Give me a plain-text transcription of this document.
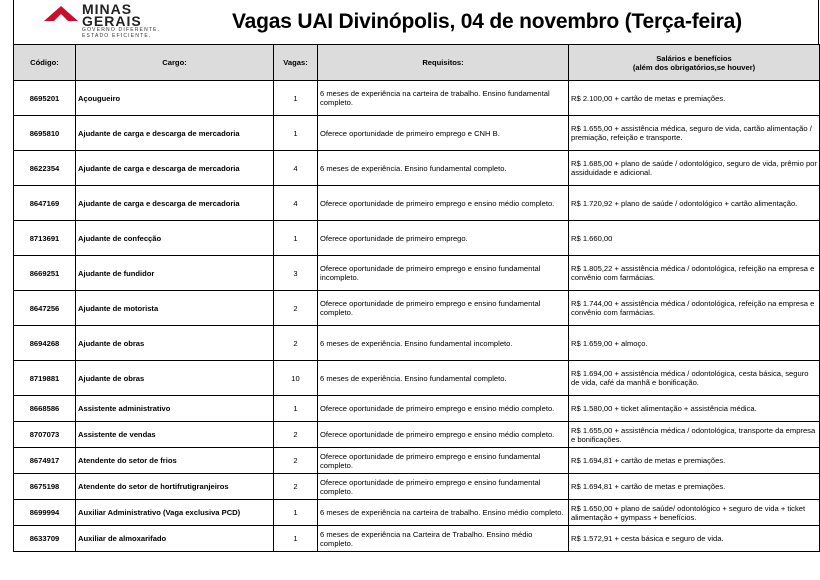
MINAS GERAIS
GOVERNO DIFERENTE.
ESTADO EFICIENTE.
Vagas UAI Divinópolis, 04 de novembro (Terça-feira)
Código:	Cargo:	Vagas:	Requisitos:	Salários e benefícios
(além dos obrigatórios,se houver)

8695201	Açougueiro	1	6 meses de experiência na carteira de trabalho. Ensino fundamental completo.	R$ 2.100,00 + cartão de metas e premiações.
8695810	Ajudante de carga e descarga de mercadoria	1	Oferece oportunidade de primeiro emprego e CNH B.	R$ 1.655,00 + assistência médica, seguro de vida, cartão alimentação / premiação, refeição e transporte.
8622354	Ajudante de carga e descarga de mercadoria	4	6 meses de experiência. Ensino fundamental completo.	R$ 1.685,00 + plano de saúde / odontológico, seguro de vida, prêmio por assiduidade e adicional.
8647169	Ajudante de carga e descarga de mercadoria	4	Oferece oportunidade de primeiro emprego e ensino médio completo.	R$ 1.720,92 + plano de saúde / odontológico + cartão alimentação.
8713691	Ajudante de confecção	1	Oferece oportunidade de primeiro emprego.	R$ 1.660,00
8669251	Ajudante de fundidor	3	Oferece oportunidade de primeiro emprego e ensino fundamental incompleto.	R$ 1.805,22 + assistência médica / odontológica, refeição na empresa e convênio com farmácias.
8647256	Ajudante de motorista	2	Oferece oportunidade de primeiro emprego e ensino fundamental completo.	R$ 1.744,00 + assistência médica / odontológica, refeição na empresa e convênio com farmácias.
8694268	Ajudante de obras	2	6 meses de experiência. Ensino fundamental incompleto.	R$ 1.659,00 + almoço.
8719881	Ajudante de obras	10	6 meses de experiência. Ensino fundamental completo.	R$ 1.694,00 + assistência médica / odontológica, cesta básica, seguro de vida, café da manhã e bonificação.
8668586	Assistente administrativo	1	Oferece oportunidade de primeiro emprego e ensino médio completo.	R$ 1.580,00 + ticket alimentação + assistência médica.
8707073	Assistente de vendas	2	Oferece oportunidade de primeiro emprego e ensino médio completo.	R$ 1.655,00 + assistência médica / odontológica, transporte da empresa e bonificações.
8674917	Atendente do setor de frios	2	Oferece oportunidade de primeiro emprego e ensino fundamental completo.	R$ 1.694,81 + cartão de metas e premiações.
8675198	Atendente do setor de hortifrutigranjeiros	2	Oferece oportunidade de primeiro emprego e ensino fundamental completo.	R$ 1.694,81 + cartão de metas e premiações.
8699994	Auxiliar Administrativo (Vaga exclusiva PCD)	1	6 meses de experiência na carteira de trabalho. Ensino médio completo.	R$ 1.650,00 + plano de saúde/ odontológico + seguro de vida + ticket alimentação + gympass + benefícios.
8633709	Auxiliar de almoxarifado	1	6 meses de experiência na Carteira de Trabalho. Ensino médio completo.	R$ 1.572,91 + cesta básica e seguro de vida.
